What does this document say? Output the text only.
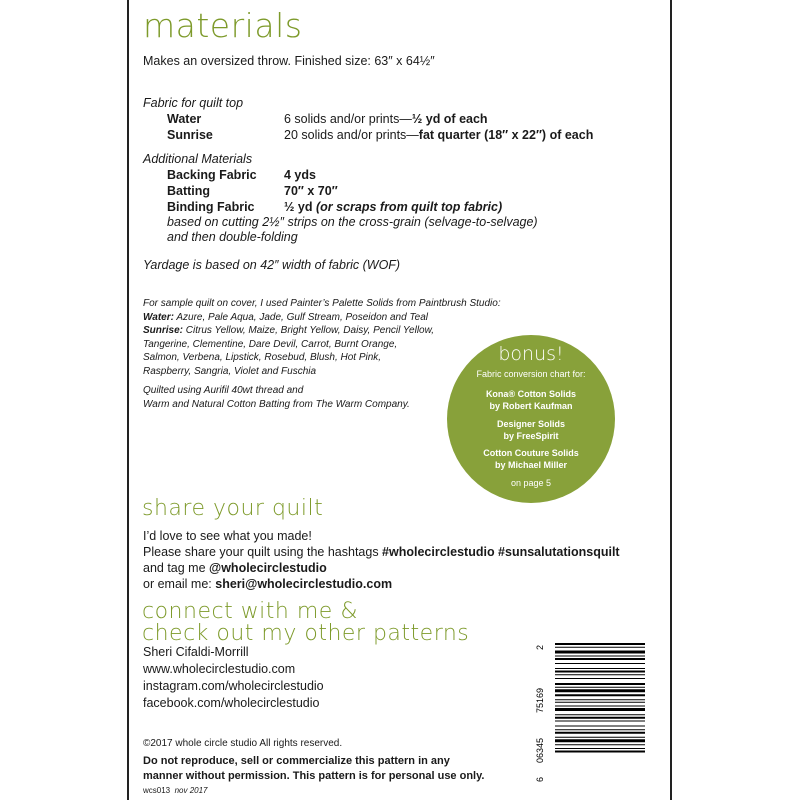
materials
Makes an oversized throw. Finished size: 63″ x 64½″
Fabric for quilt top
Water	6 solids and/or prints—½ yd of each
Sunrise	20 solids and/or prints—fat quarter (18″ x 22″) of each
Additional Materials
Backing Fabric 4 yds
Batting	70″ x 70″
Binding Fabric ½ yd (or scraps from quilt top fabric)
based on cutting 2½″ strips on the cross-grain (selvage-to-selvage)
and then double-folding
Yardage is based on 42″ width of fabric (WOF)
For sample quilt on cover, I used Painter’s Palette Solids from Paintbrush Studio:
Water: Azure, Pale Aqua, Jade, Gulf Stream, Poseidon and Teal
Sunrise: Citrus Yellow, Maize, Bright Yellow, Daisy, Pencil Yellow,
Tangerine, Clementine, Dare Devil, Carrot, Burnt Orange,
Salmon, Verbena, Lipstick, Rosebud, Blush, Hot Pink,
Raspberry, Sangria, Violet and Fuschia
Quilted using Aurifil 40wt thread and
Warm and Natural Cotton Batting from The Warm Company.
bonus!
Fabric conversion chart for:
Kona® Cotton Solids
by Robert Kaufman
Designer Solids
by FreeSpirit
Cotton Couture Solids
by Michael Miller
on page 5
share your quilt
I’d love to see what you made!
Please share your quilt using the hashtags #wholecirclestudio #sunsalutationsquilt
and tag me @wholecirclestudio
or email me: sheri@wholecirclestudio.com
connect with me &
check out my other patterns
Sheri Cifaldi-Morrill
www.wholecirclestudio.com
instagram.com/wholecirclestudio
facebook.com/wholecirclestudio
©2017 whole circle studio All rights reserved.
Do not reproduce, sell or commercialize this pattern in any
manner without permission. This pattern is for personal use only.
wcs013 nov 2017
6
06345
75169
2
